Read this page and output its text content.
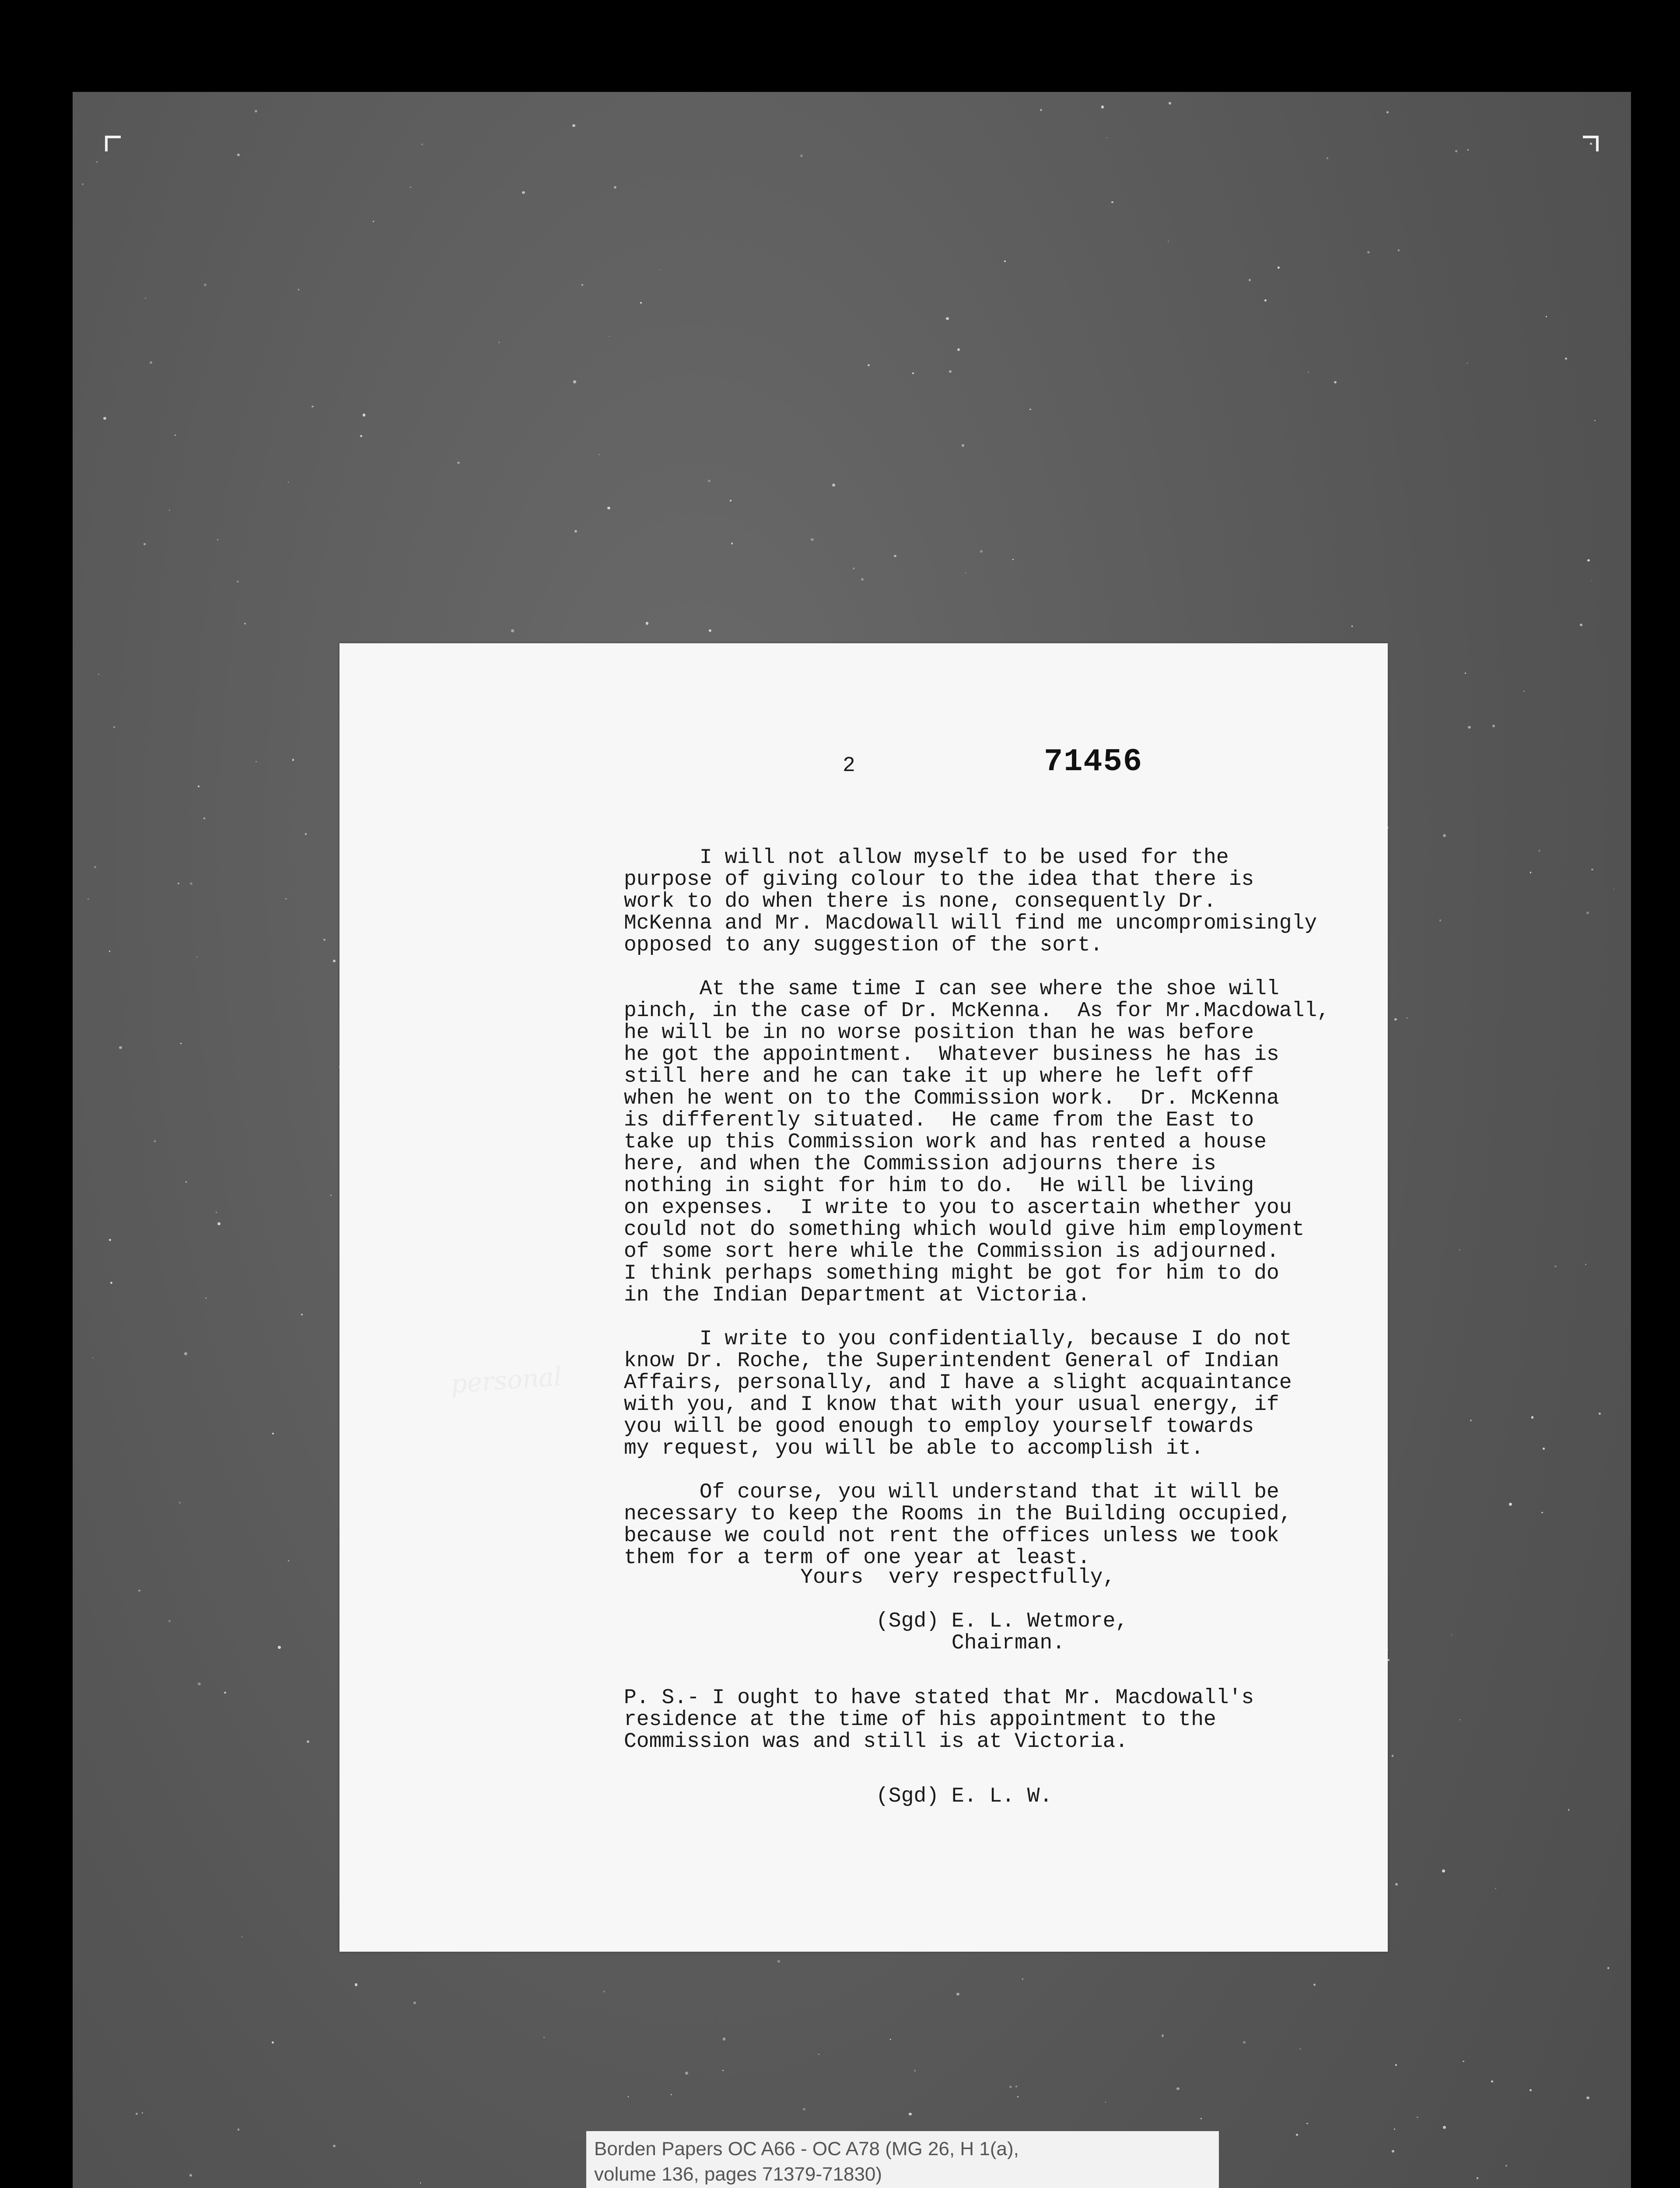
2	71456
I will not allow myself to be used for the
purpose of giving colour to the idea that there is
work to do when there is none, consequently Dr.
McKenna and Mr. Macdowall will find me uncompromisingly
opposed to any suggestion of the sort.

At the same time I can see where the shoe will
pinch, in the case of Dr. McKenna.  As for Mr.Macdowall,
he will be in no worse position than he was before
he got the appointment.  Whatever business he has is
still here and he can take it up where he left off
when he went on to the Commission work.  Dr. McKenna
is differently situated.  He came from the East to
take up this Commission work and has rented a house
here, and when the Commission adjourns there is
nothing in sight for him to do.  He will be living
on expenses.  I write to you to ascertain whether you
could not do something which would give him employment
of some sort here while the Commission is adjourned.
I think perhaps something might be got for him to do
in the Indian Department at Victoria.

I write to you confidentially, because I do not
know Dr. Roche, the Superintendent General of Indian
Affairs, personally, and I have a slight acquaintance
with you, and I know that with your usual energy, if
you will be good enough to employ yourself towards
my request, you will be able to accomplish it.

Of course, you will understand that it will be
necessary to keep the Rooms in the Building occupied,
because we could not rent the offices unless we took
them for a term of one year at least.
Yours  very respectfully,

(Sgd) E. L. Wetmore,
Chairman.
P. S.- I ought to have stated that Mr. Macdowall's
residence at the time of his appointment to the
Commission was and still is at Victoria.
(Sgd) E. L. W.
personal
Borden Papers OC A66 - OC A78 (MG 26, H 1(a),
volume 136, pages 71379-71830)
